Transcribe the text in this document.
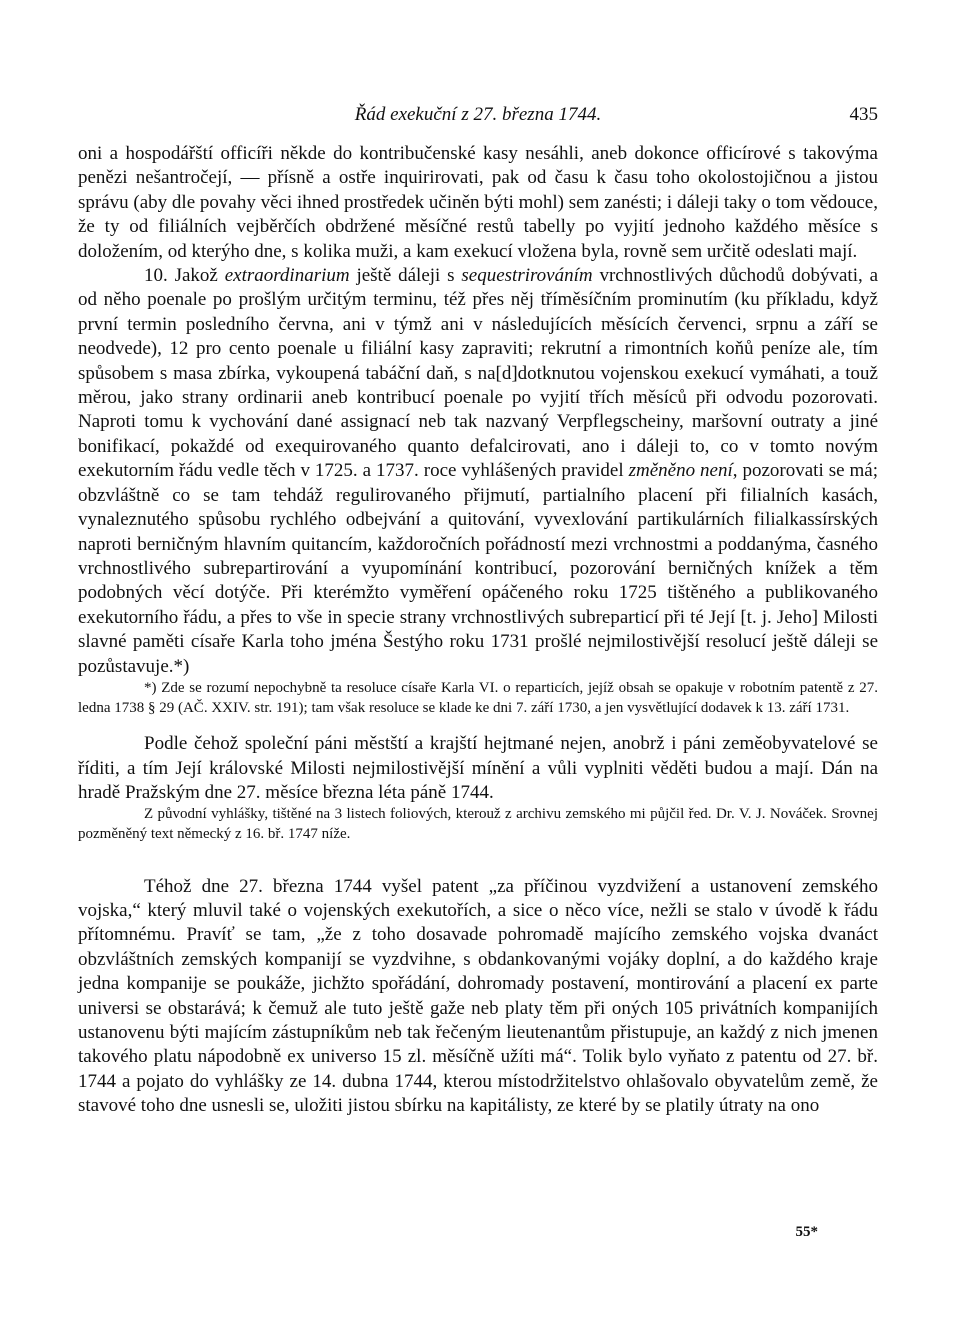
Řád exekuční z 27. března 1744.	435

oni a hospodářští officíři někde do kontribučenské kasy nesáhli, aneb dokonce officírové s takovýma penězi nešantročejí, — přísně a ostře inquirirovati, pak od času k času toho okolostojičnou a jistou správu (aby dle povahy věci ihned prostředek učiněn býti mohl) sem zanésti; i dáleji taky o tom vědouce, že ty od filiálních vejběrčích obdržené měsíčné restů tabelly po vyjití jednoho každého měsíce s doložením, od kterýho dne, s kolika muži, a kam exekucí vložena byla, rovně sem určitě odeslati mají.

10. Jakož extraordinarium ještě dáleji s sequestrirováním vrchnostlivých důchodů dobývati, a od něho poenale po prošlým určitým terminu, též přes něj tříměsíčním prominutím (ku příkladu, když první termin posledního června, ani v týmž ani v následujících měsících červenci, srpnu a září se neodvede), 12 pro cento poenale u filiální kasy zapraviti; rekrutní a rimontních koňů peníze ale, tím spůsobem s masa zbírka, vykoupená tabáční daň, s na[d]dotknutou vojenskou exekucí vymáhati, a touž měrou, jako strany ordinarii aneb kontribucí poenale po vyjití třích měsíců při odvodu pozorovati. Naproti tomu k vychování dané assignací neb tak nazvaný Verpflegscheiny, maršovní outraty a jiné bonifikací, pokaždé od exequirovaného quanto defalcirovati, ano i dáleji to, co v tomto novým exekutorním řádu vedle těch v 1725. a 1737. roce vyhlášených pravidel změněno není, pozorovati se má; obzvláštně co se tam tehdáž regulirovaného přijmutí, partialního placení při filialních kasách, vynaleznutého spůsobu rychlého odbejvání a quitování, vyvexlování partikulárních filialkassírských naproti berničným hlavním quitancím, každoročních pořádností mezi vrchnostmi a poddanýma, časného vrchnostlivého subrepartirování a vyupomínání kontribucí, pozorování berničných knížek a těm podobných věcí dotýče. Při kterémžto vyměření opáčeného roku 1725 tištěného a publikovaného exekutorního řádu, a přes to vše in specie strany vrchnostlivých subreparticí při té Její [t. j. Jeho] Milosti slavné paměti císaře Karla toho jména Šestýho roku 1731 prošlé nejmilostivější resolucí ještě dáleji se pozůstavuje.*)

*) Zde se rozumí nepochybně ta resoluce císaře Karla VI. o reparticích, jejíž obsah se opakuje v robotním patentě z 27. ledna 1738 § 29 (AČ. XXIV. str. 191); tam však resoluce se klade ke dni 7. září 1730, a jen vysvětlující dodavek k 13. září 1731.

Podle čehož společní páni městští a krajští hejtmané nejen, anobrž i páni zeměobyvatelové se říditi, a tím Její královské Milosti nejmilostivější mínění a vůli vyplniti věděti budou a mají. Dán na hradě Pražským dne 27. měsíce března léta páně 1744.

Z původní vyhlášky, tištěné na 3 listech foliových, kterouž z archivu zemského mi půjčil řed. Dr. V. J. Nováček. Srovnej pozměněný text německý z 16. bř. 1747 níže.

Téhož dne 27. března 1744 vyšel patent „za příčinou vyzdvižení a ustanovení zemského vojska,“ který mluvil také o vojenských exekutořích, a sice o něco více, nežli se stalo v úvodě k řádu přítomnému. Pravíť se tam, „že z toho dosavade pohromadě majícího zemského vojska dvanáct obzvláštních zemských kompanijí se vyzdvihne, s obdankovanými vojáky doplní, a do každého kraje jedna kompanije se poukáže, jichžto spořádání, dohromady postavení, montirování a placení ex parte universi se obstarává; k čemuž ale tuto ještě gaže neb platy těm při oných 105 privátních kompanijích ustanovenu býti majícím zástupníkům neb tak řečeným lieutenantům přistupuje, an každý z nich jmenen takového platu nápodobně ex universo 15 zl. měsíčně užíti má“. Tolik bylo vyňato z patentu od 27. bř. 1744 a pojato do vyhlášky ze 14. dubna 1744, kterou místodržitelstvo ohlašovalo obyvatelům země, že stavové toho dne usnesli se, uložiti jistou sbírku na kapitálisty, ze které by se platily útraty na ono

55*
